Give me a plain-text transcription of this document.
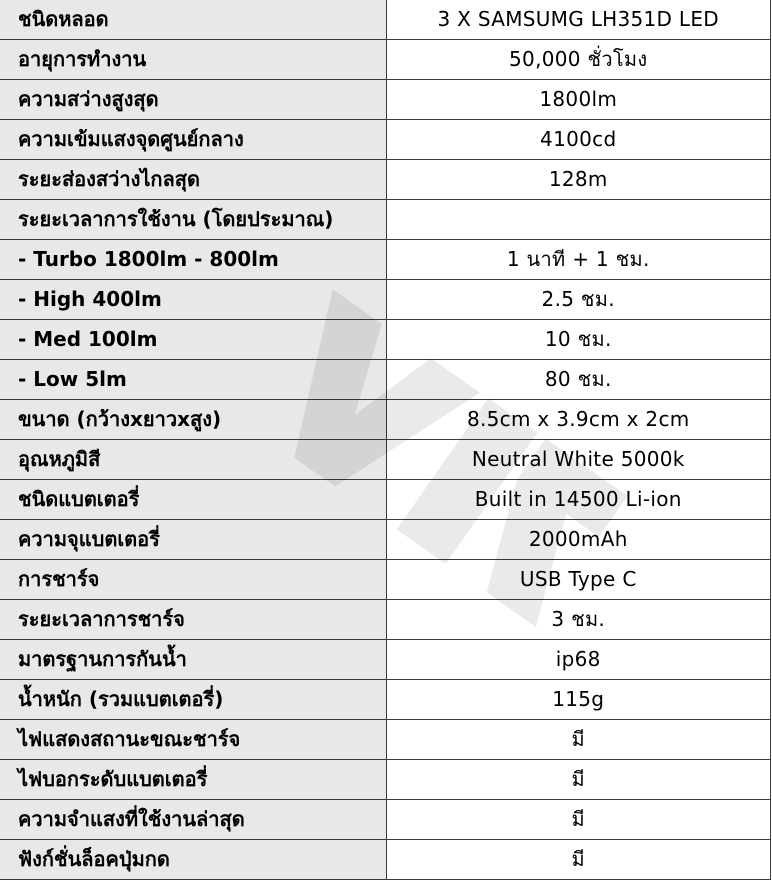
ชนิดหลอด	3 X SAMSUMG LH351D LED
อายุการทำงาน	50,000 ชั่วโมง
ความสว่างสูงสุด	1800lm
ความเข้มแสงจุดศูนย์กลาง	4100cd
ระยะส่องสว่างไกลสุด	128m
ระยะเวลาการใช้งาน (โดยประมาณ)	
- Turbo 1800lm - 800lm	1 นาที + 1 ชม.
- High 400lm	2.5 ชม.
- Med 100lm	10 ชม.
- Low 5lm	80 ชม.
ขนาด (กว้างxยาวxสูง)	8.5cm x 3.9cm x 2cm
อุณหภูมิสี	Neutral White 5000k
ชนิดแบตเตอรี่	Built in 14500 Li-ion
ความจุแบตเตอรี่	2000mAh
การชาร์จ	USB Type C
ระยะเวลาการชาร์จ	3 ชม.
มาตรฐานการกันน้ำ	ip68
น้ำหนัก (รวมแบตเตอรี่)	115g
ไฟแสดงสถานะขณะชาร์จ	มี
ไฟบอกระดับแบตเตอรี่	มี
ความจำแสงที่ใช้งานล่าสุด	มี
ฟังก์ชั่นล็อคปุ่มกด	มี
